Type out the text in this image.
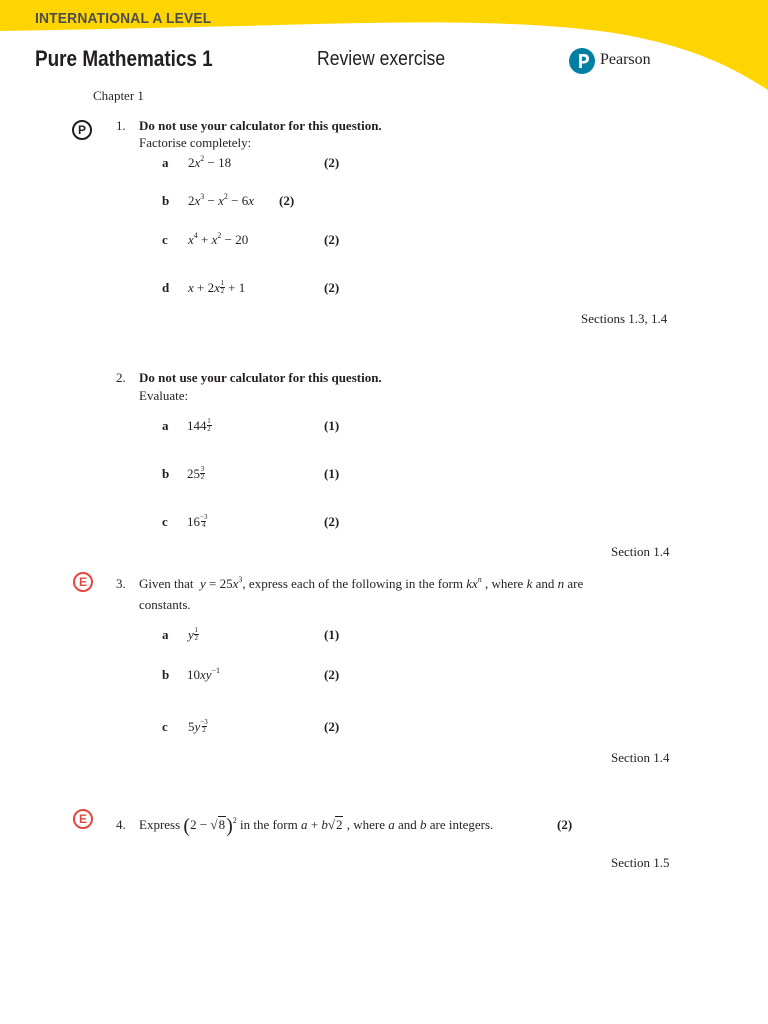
INTERNATIONAL A LEVEL
Pure Mathematics 1	Review exercise	Pearson
Chapter 1
P	1. Do not use your calculator for this question.
Factorise completely:
a $2x^2 - 18$	(2)
b $2x^3 - x^2 - 6x$ (2)
c $x^4 + x^2 - 20$	(2)
d $x + 2x \frac{1}{2} + 1$	(2)
Sections 1.3, 1.4
2. Do not use your calculator for this question.
Evaluate:
a $144 \frac{1}{2}$	(1)
b $25 \frac{3}{2}$	(1)
c $16 \frac{-3}{4}$	(2)
Section 1.4
E	3. Given that  $y = 25x^3$, express each of the following in the form $kx^n$ , where k and n are
constants.
a y $\frac{1}{2}$	(1)
b $10xy^{-1}$	(2)
c $5y \frac{-3}{2}$	(2)
Section 1.4
E	4. Express $(2 - √8)^2$ in the form a + b√2 , where a and b are integers.	(2)
Section 1.5
